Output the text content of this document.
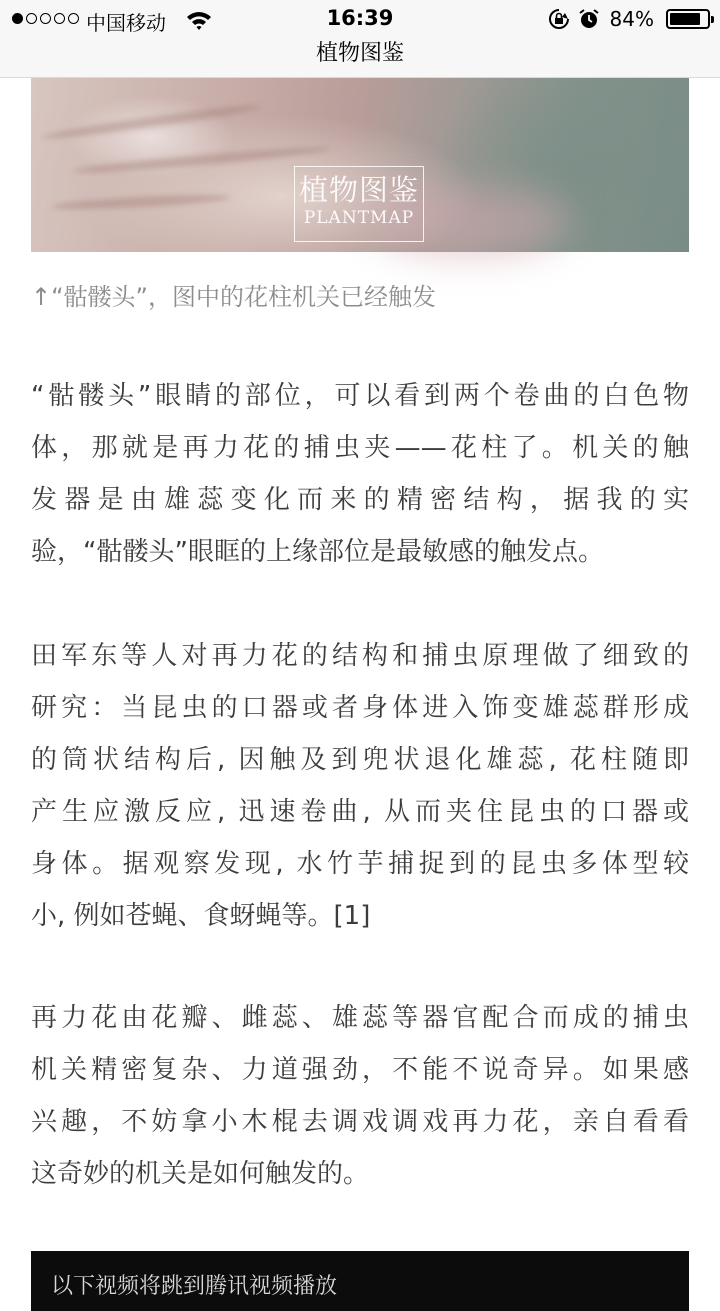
中国移动	16:39	84%
植物图鉴
植物图鉴
PLANTMAP
↑“骷髅头”，图中的花柱机关已经触发
“骷髅头”眼睛的部位，可以看到两个卷曲的白色物
体，那就是再力花的捕虫夹——花柱了。机关的触
发器是由雄蕊变化而来的精密结构，据我的实
验，“骷髅头”眼眶的上缘部位是最敏感的触发点。
田军东等人对再力花的结构和捕虫原理做了细致的
研究：当昆虫的口器或者身体进入饰变雄蕊群形成
的筒状结构后, 因触及到兜状退化雄蕊, 花柱随即
产生应激反应, 迅速卷曲, 从而夹住昆虫的口器或
身体。据观察发现, 水竹芋捕捉到的昆虫多体型较
小, 例如苍蝇、食蚜蝇等。[1]
再力花由花瓣、雌蕊、雄蕊等器官配合而成的捕虫
机关精密复杂、力道强劲，不能不说奇异。如果感
兴趣，不妨拿小木棍去调戏调戏再力花，亲自看看
这奇妙的机关是如何触发的。
以下视频将跳到腾讯视频播放
